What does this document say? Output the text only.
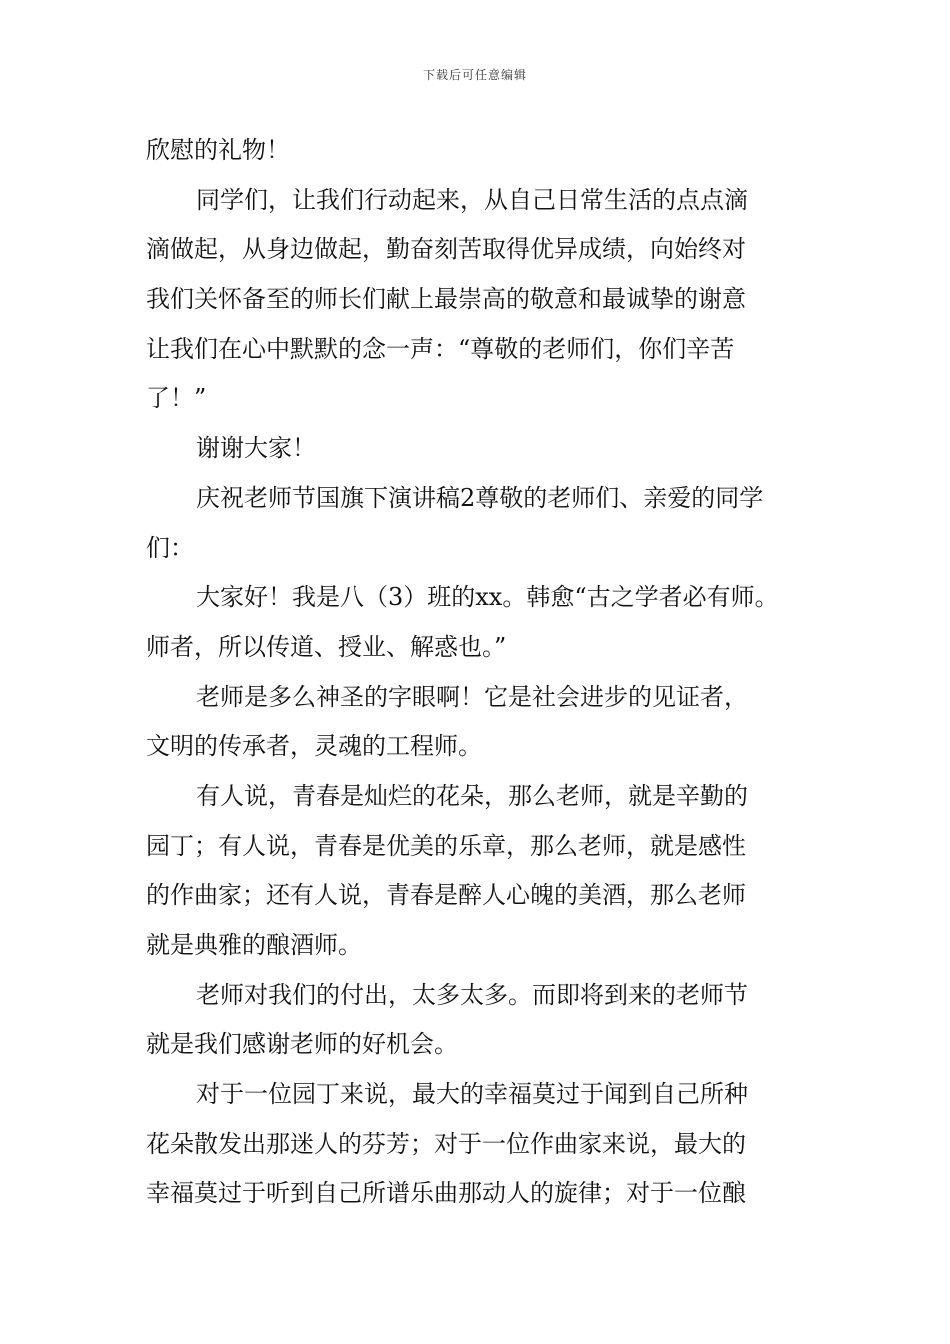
下载后可任意编辑
欣慰的礼物！
同学们，让我们行动起来，从自己日常生活的点点滴
滴做起，从身边做起，勤奋刻苦取得优异成绩，向始终对
我们关怀备至的师长们献上最崇高的敬意和最诚挚的谢意
让我们在心中默默的念一声：“尊敬的老师们，你们辛苦
了！”
谢谢大家！
庆祝老师节国旗下演讲稿2尊敬的老师们、亲爱的同学
们：
大家好！我是八（3）班的xx。韩愈“古之学者必有师。
师者，所以传道、授业、解惑也。”
老师是多么神圣的字眼啊！它是社会进步的见证者，
文明的传承者，灵魂的工程师。
有人说，青春是灿烂的花朵，那么老师，就是辛勤的
园丁；有人说，青春是优美的乐章，那么老师，就是感性
的作曲家；还有人说，青春是醉人心魄的美酒，那么老师
就是典雅的酿酒师。
老师对我们的付出，太多太多。而即将到来的老师节
就是我们感谢老师的好机会。
对于一位园丁来说，最大的幸福莫过于闻到自己所种
花朵散发出那迷人的芬芳；对于一位作曲家来说，最大的
幸福莫过于听到自己所谱乐曲那动人的旋律；对于一位酿
